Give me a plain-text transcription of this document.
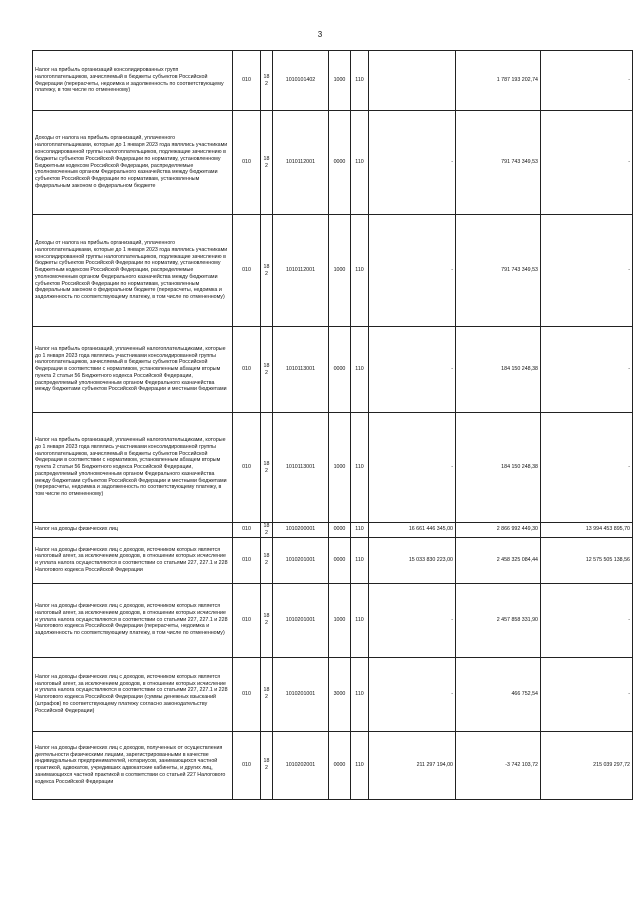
3
Налог на прибыль организаций консолидированных групп налогоплательщиков, зачисляемый в бюджеты субъектов Российской Федерации (перерасчеты, недоимка и задолженность по соответствующему платежу, в том числе по отмененному)	010	182	1010101402	1000	110		1 787 193 202,74	-
Доходы от налога на прибыль организаций, уплаченного налогоплательщиками, которые до 1 января 2023 года являлись участниками консолидированной группы налогоплательщиков, подлежащие зачислению в бюджеты субъектов Российской Федерации по нормативу, установленному Бюджетным кодексом Российской Федерации, распределяемые уполномоченным органом Федерального казначейства между бюджетами субъектов Российской Федерации по нормативам, установленным федеральным законом о федеральном бюджете	010	182	1010112001	0000	110	-	791 743 349,53	-
Доходы от налога на прибыль организаций, уплаченного налогоплательщиками, которые до 1 января 2023 года являлись участниками консолидированной группы налогоплательщиков, подлежащие зачислению в бюджеты субъектов Российской Федерации по нормативу, установленному Бюджетным кодексом Российской Федерации, распределяемые уполномоченным органом Федерального казначейства между бюджетами субъектов Российской Федерации по нормативам, установленным федеральным законом о федеральном бюджете (перерасчеты, недоимка и задолженность по соответствующему платежу, в том числе по отмененному)	010	182	1010112001	1000	110	-	791 743 349,53	-
Налог на прибыль организаций, уплаченный налогоплательщиками, которые до 1 января 2023 года являлись участниками консолидированной группы налогоплательщиков, зачисляемый в бюджеты субъектов Российской Федерации в соответствии с нормативом, установленным абзацем вторым пункта 2 статьи 56 Бюджетного кодекса Российской Федерации, распределяемый уполномоченным органом Федерального казначейства между бюджетами субъектов Российской Федерации и местными бюджетами	010	182	1010113001	0000	110	-	184 150 248,38	-
Налог на прибыль организаций, уплаченный налогоплательщиками, которые до 1 января 2023 года являлись участниками консолидированной группы налогоплательщиков, зачисляемый в бюджеты субъектов Российской Федерации в соответствии с нормативом, установленным абзацем вторым пункта 2 статьи 56 Бюджетного кодекса Российской Федерации, распределяемый уполномоченным органом Федерального казначейства между бюджетами субъектов Российской Федерации и местными бюджетами (перерасчеты, недоимка и задолженность по соответствующему платежу, в том числе по отмененному)	010	182	1010113001	1000	110	-	184 150 248,38	-
Налог на доходы физических лиц	010	182	1010200001	0000	110	16 661 446 345,00	2 866 992 449,30	13 994 453 895,70
Налог на доходы физических лиц с доходов, источником которых является налоговый агент, за исключением доходов, в отношении которых исчисление и уплата налога осуществляются в соответствии со статьями 227, 227.1 и 228 Налогового кодекса Российской Федерации	010	182	1010201001	0000	110	15 033 830 223,00	2 458 325 084,44	12 575 505 138,56
Налог на доходы физических лиц с доходов, источником которых является налоговый агент, за исключением доходов, в отношении которых исчисление и уплата налога осуществляются в соответствии со статьями 227, 227.1 и 228 Налогового кодекса Российской Федерации (перерасчеты, недоимка и задолженность по соответствующему платежу, в том числе по отмененному)	010	182	1010201001	1000	110	-	2 457 858 331,90	-
Налог на доходы физических лиц с доходов, источником которых является налоговый агент, за исключением доходов, в отношении которых исчисление и уплата налога осуществляются в соответствии со статьями 227, 227.1 и 228 Налогового кодекса Российской Федерации (суммы денежных взысканий (штрафов) по соответствующему платежу согласно законодательству Российской Федерации)	010	182	1010201001	3000	110	-	466 752,54	-
Налог на доходы физических лиц с доходов, полученных от осуществления деятельности физическими лицами, зарегистрированными в качестве индивидуальных предпринимателей, нотариусов, занимающихся частной практикой, адвокатов, учредивших адвокатские кабинеты, и других лиц, занимающихся частной практикой в соответствии со статьей 227 Налогового кодекса Российской Федерации	010	182	1010202001	0000	110	211 297 194,00	-3 742 103,72	215 039 297,72
